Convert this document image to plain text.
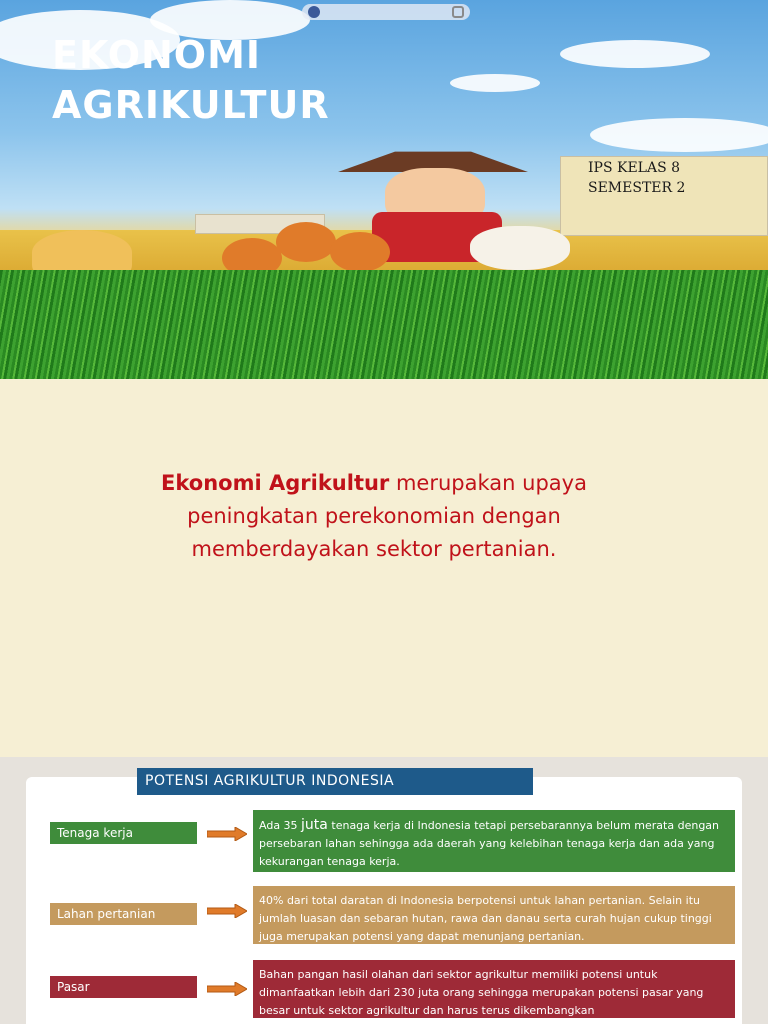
EKONOMI
AGRIKULTUR
IPS KELAS 8
SEMESTER 2

Ekonomi Agrikultur merupakan upaya peningkatan perekonomian dengan memberdayakan sektor pertanian.

POTENSI AGRIKULTUR INDONESIA
Tenaga kerja
Ada 35 juta tenaga kerja di Indonesia tetapi persebarannya belum merata dengan persebaran lahan sehingga ada daerah yang kelebihan tenaga kerja dan ada yang kekurangan tenaga kerja.
Lahan pertanian
40% dari total daratan di Indonesia berpotensi untuk lahan pertanian. Selain itu jumlah luasan dan sebaran hutan, rawa dan danau serta curah hujan cukup tinggi juga merupakan potensi yang dapat menunjang pertanian.
Pasar
Bahan pangan hasil olahan dari sektor agrikultur memiliki potensi untuk dimanfaatkan lebih dari 230 juta orang sehingga merupakan potensi pasar yang besar untuk sektor agrikultur dan harus terus dikembangkan
